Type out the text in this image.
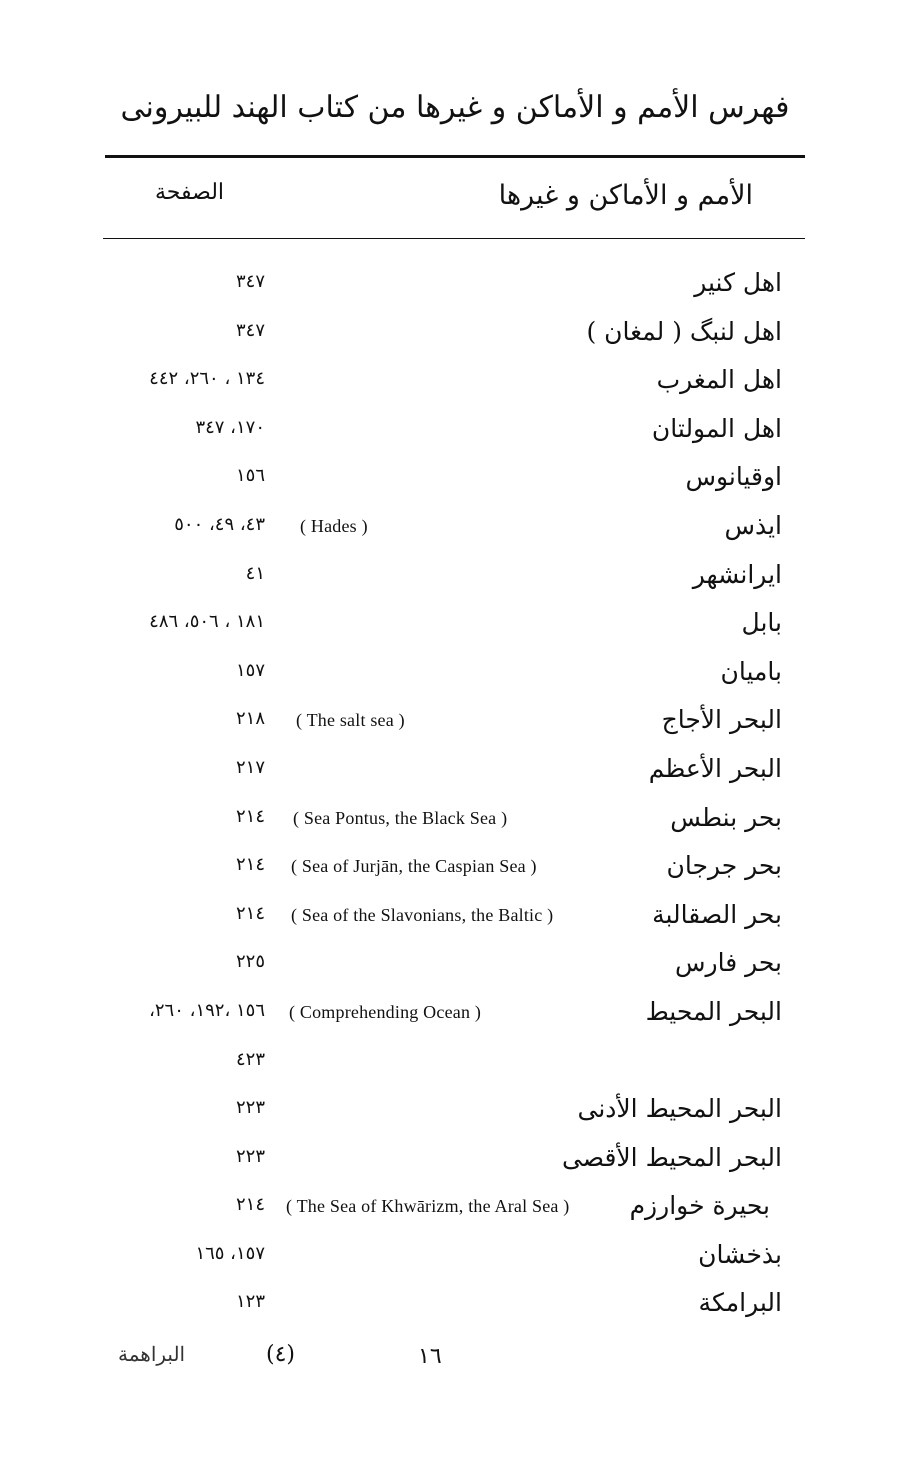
فهرس الأمم و الأماكن و غيرها من كتاب الهند للبيرونى
الأمم و الأماكن و غيرها
الصفحة
اهل كنير
٣٤٧
اهل لنبگ ( لمغان )
٣٤٧
اهل المغرب
١٣٤ ، ٢٦٠، ٤٤٢
اهل المولتان
١٧٠، ٣٤٧
اوقيانوس
١٥٦
ايذس
( Hades )
٤٣، ٤٩، ٥٠٠
ايرانشهر
٤١
بابل
١٨١ ، ٥٠٦، ٤٨٦
باميان
١٥٧
البحر الأجاج
( The salt sea )
٢١٨
البحر الأعظم
٢١٧
بحر بنطس
( Sea Pontus, the Black Sea )
٢١٤
بحر جرجان
( Sea of Jurjān, the Caspian Sea )
٢١٤
بحر الصقالبة
( Sea of the Slavonians, the Baltic )
٢١٤
بحر فارس
٢٢٥
البحر المحيط
( Comprehending Ocean )
١٥٦ ،١٩٢، ٢٦٠،
٤٢٣
البحر المحيط الأدنى
٢٢٣
البحر المحيط الأقصى
٢٢٣
بحيرة خوارزم
( The Sea of Khwārizm, the Aral Sea )
٢١٤
بذخشان
١٥٧، ١٦٥
البرامكة
١٢٣
البراهمة	(٤)	١٦
